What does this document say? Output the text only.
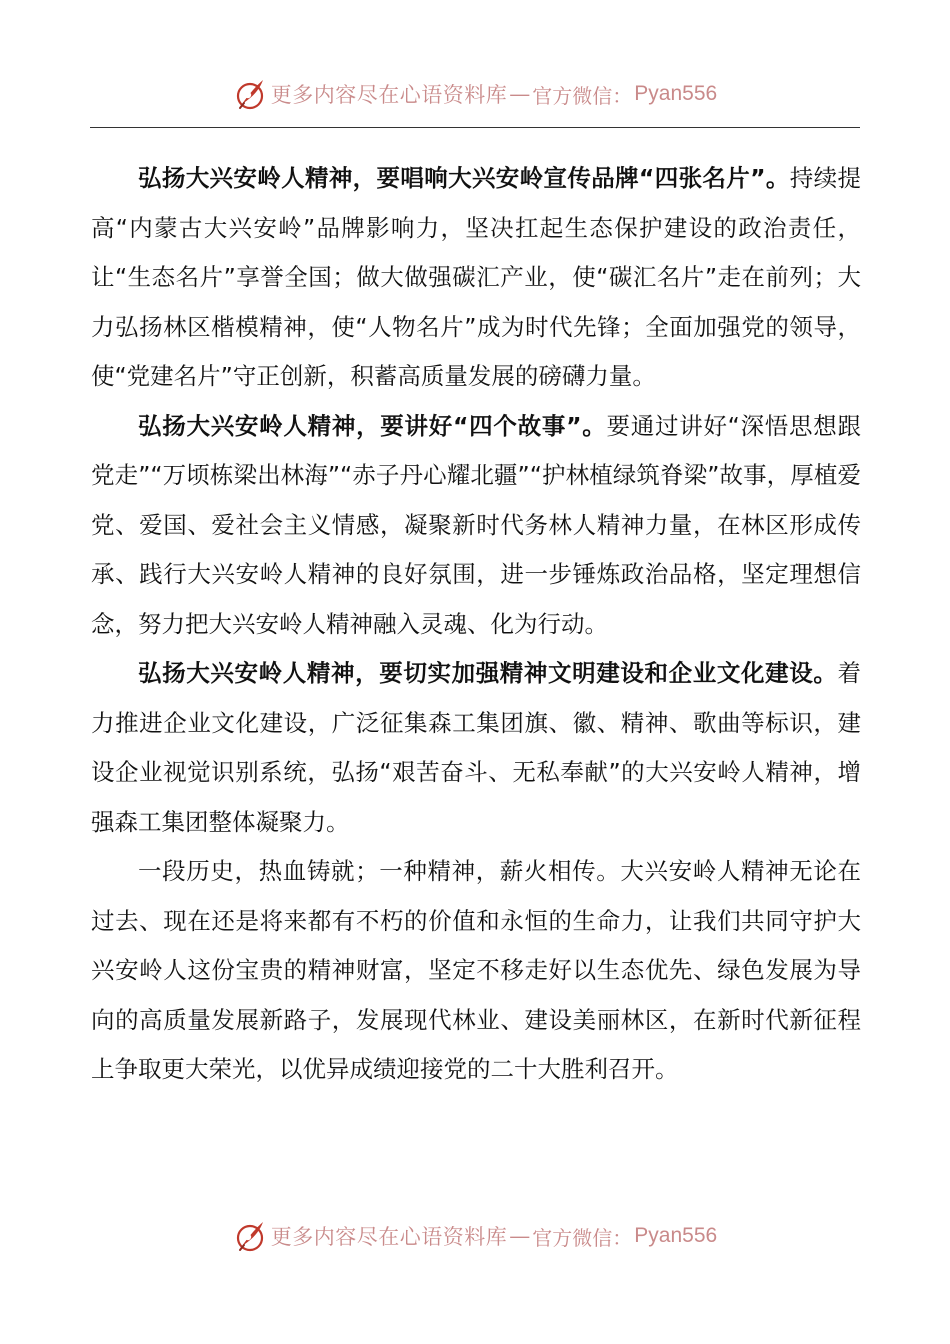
更多内容尽在心语资料库 — 官方微信： Pyan556

弘扬大兴安岭人精神，要唱响大兴安岭宣传品牌“四张名片”。持续提高“内蒙古大兴安岭”品牌影响力，坚决扛起生态保护建设的政治责任，让“生态名片”享誉全国；做大做强碳汇产业，使“碳汇名片”走在前列；大力弘扬林区楷模精神，使“人物名片”成为时代先锋；全面加强党的领导，使“党建名片”守正创新，积蓄高质量发展的磅礴力量。

弘扬大兴安岭人精神，要讲好“四个故事”。要通过讲好“深悟思想跟党走”“万顷栋梁出林海”“赤子丹心耀北疆”“护林植绿筑脊梁”故事，厚植爱党、爱国、爱社会主义情感，凝聚新时代务林人精神力量，在林区形成传承、践行大兴安岭人精神的良好氛围，进一步锤炼政治品格，坚定理想信念，努力把大兴安岭人精神融入灵魂、化为行动。

弘扬大兴安岭人精神，要切实加强精神文明建设和企业文化建设。着力推进企业文化建设，广泛征集森工集团旗、徽、精神、歌曲等标识，建设企业视觉识别系统，弘扬“艰苦奋斗、无私奉献”的大兴安岭人精神，增强森工集团整体凝聚力。

一段历史，热血铸就；一种精神，薪火相传。大兴安岭人精神无论在过去、现在还是将来都有不朽的价值和永恒的生命力，让我们共同守护大兴安岭人这份宝贵的精神财富，坚定不移走好以生态优先、绿色发展为导向的高质量发展新路子，发展现代林业、建设美丽林区，在新时代新征程上争取更大荣光，以优异成绩迎接党的二十大胜利召开。

更多内容尽在心语资料库 — 官方微信： Pyan556
